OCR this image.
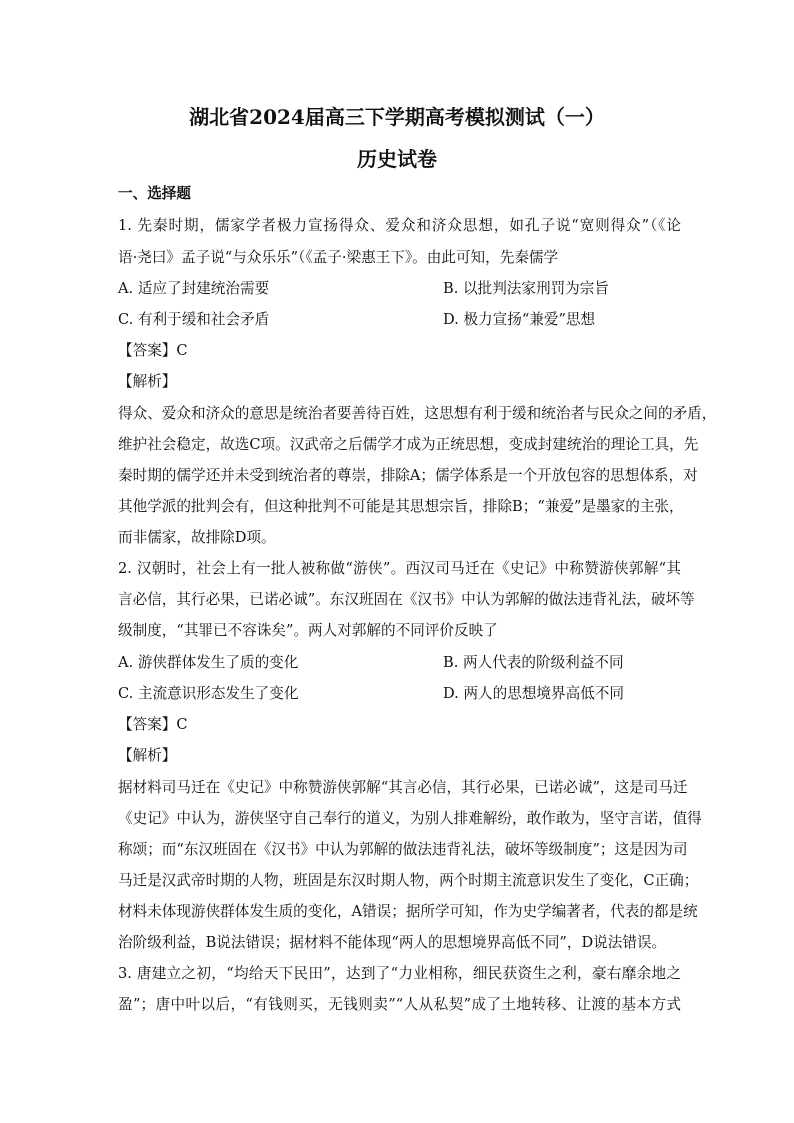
湖北省2024届高三下学期高考模拟测试（一）
历史试卷
一、选择题
1. 先秦时期，儒家学者极力宣扬得众、爱众和济众思想，如孔子说“宽则得众”（《论
语·尧曰》孟子说“与众乐乐”（《孟子·梁惠王下》。由此可知，先秦儒学
A. 适应了封建统治需要	B. 以批判法家刑罚为宗旨
C. 有利于缓和社会矛盾	D. 极力宣扬“兼爱”思想
【答案】C
【解析】
得众、爱众和济众的意思是统治者要善待百姓，这思想有利于缓和统治者与民众之间的矛盾，
维护社会稳定，故选C项。汉武帝之后儒学才成为正统思想，变成封建统治的理论工具，先
秦时期的儒学还并未受到统治者的尊崇，排除A；儒学体系是一个开放包容的思想体系，对
其他学派的批判会有，但这种批判不可能是其思想宗旨，排除B；“兼爱”是墨家的主张，
而非儒家，故排除D项。
2. 汉朝时，社会上有一批人被称做“游侠”。西汉司马迁在《史记》中称赞游侠郭解“其
言必信，其行必果，已诺必诚”。东汉班固在《汉书》中认为郭解的做法违背礼法，破坏等
级制度，“其罪已不容诛矣”。两人对郭解的不同评价反映了
A. 游侠群体发生了质的变化	B. 两人代表的阶级利益不同
C. 主流意识形态发生了变化	D. 两人的思想境界高低不同
【答案】C
【解析】
据材料司马迁在《史记》中称赞游侠郭解“其言必信，其行必果，已诺必诚”，这是司马迁
《史记》中认为，游侠坚守自己奉行的道义，为别人排难解纷，敢作敢为，坚守言诺，值得
称颂；而“东汉班固在《汉书》中认为郭解的做法违背礼法，破坏等级制度”；这是因为司
马迁是汉武帝时期的人物，班固是东汉时期人物，两个时期主流意识发生了变化，C正确；
材料未体现游侠群体发生质的变化，A错误；据所学可知，作为史学编著者，代表的都是统
治阶级利益，B说法错误；据材料不能体现“两人的思想境界高低不同”，D说法错误。
3. 唐建立之初，“均给天下民田”，达到了“力业相称，细民获资生之利，豪右靡余地之
盈”；唐中叶以后，“有钱则买，无钱则卖”“人从私契”成了土地转移、让渡的基本方式
